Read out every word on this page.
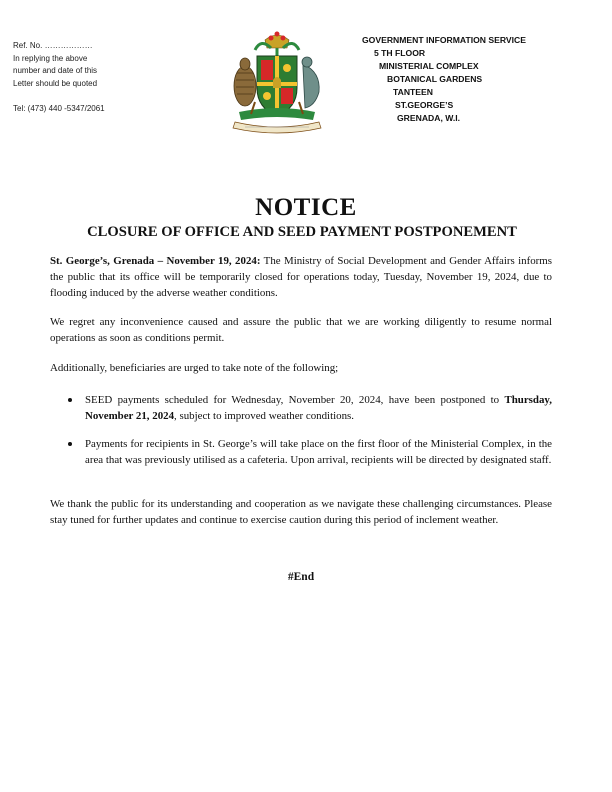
Ref. No. ………………
In replying the above
number and date of this
Letter should be quoted
Tel: (473) 440 -5347/2061
GOVERNMENT INFORMATION SERVICE
5 TH FLOOR
MINISTERIAL COMPLEX
BOTANICAL GARDENS
TANTEEN
ST.GEORGE’S
GRENADA, W.I.
NOTICE
CLOSURE OF OFFICE AND SEED PAYMENT POSTPONEMENT
St. George’s, Grenada – November 19, 2024: The Ministry of Social Development and Gender Affairs informs the public that its office will be temporarily closed for operations today, Tuesday, November 19, 2024, due to flooding induced by the adverse weather conditions.
We regret any inconvenience caused and assure the public that we are working diligently to resume normal operations as soon as conditions permit.
Additionally, beneficiaries are urged to take note of the following;
SEED payments scheduled for Wednesday, November 20, 2024, have been postponed to Thursday, November 21, 2024, subject to improved weather conditions.
Payments for recipients in St. George’s will take place on the first floor of the Ministerial Complex, in the area that was previously utilised as a cafeteria. Upon arrival, recipients will be directed by designated staff.
We thank the public for its understanding and cooperation as we navigate these challenging circumstances. Please stay tuned for further updates and continue to exercise caution during this period of inclement weather.
#End
